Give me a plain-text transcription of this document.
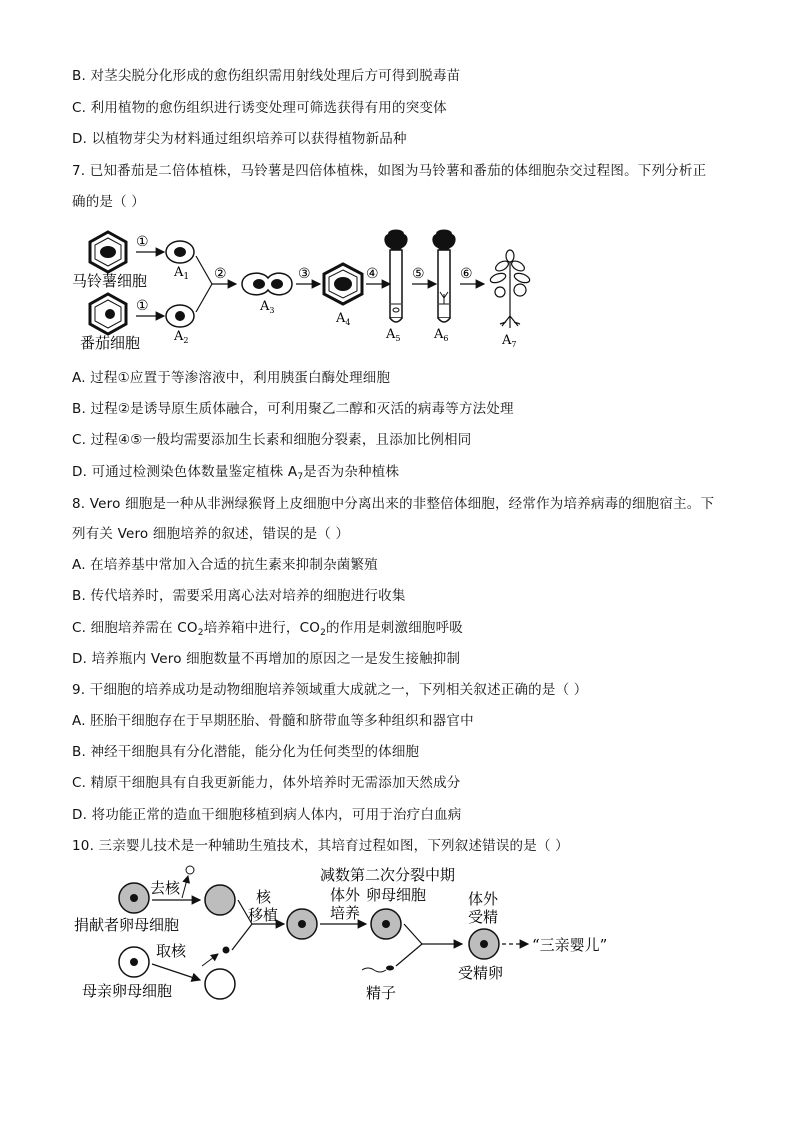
B. 对茎尖脱分化形成的愈伤组织需用射线处理后方可得到脱毒苗
C. 利用植物的愈伤组织进行诱变处理可筛选获得有用的突变体
D. 以植物芽尖为材料通过组织培养可以获得植物新品种
7. 已知番茄是二倍体植株，马铃薯是四倍体植株，如图为马铃薯和番茄的体细胞杂交过程图。下列分析正
确的是（ ）
马铃薯细胞
①
$A_1$
番茄细胞
①
$A_2$
②
$A_3$
③
$A_4$
④
$A_5$
⑤
$A_6$
⑥
$A_7$
A. 过程①应置于等渗溶液中，利用胰蛋白酶处理细胞
B. 过程②是诱导原生质体融合，可利用聚乙二醇和灭活的病毒等方法处理
C. 过程④⑤一般均需要添加生长素和细胞分裂素，且添加比例相同
D. 可通过检测染色体数量鉴定植株 $A_7$是否为杂种植株
8. Vero 细胞是一种从非洲绿猴肾上皮细胞中分离出来的非整倍体细胞，经常作为培养病毒的细胞宿主。下
列有关 Vero 细胞培养的叙述，错误的是（ ）
A. 在培养基中常加入合适的抗生素来抑制杂菌繁殖
B. 传代培养时，需要采用离心法对培养的细胞进行收集
C. 细胞培养需在 $CO_2$培养箱中进行，$CO_2$的作用是刺激细胞呼吸
D. 培养瓶内 Vero 细胞数量不再增加的原因之一是发生接触抑制
9. 干细胞的培养成功是动物细胞培养领域重大成就之一，下列相关叙述正确的是（ ）
A. 胚胎干细胞存在于早期胚胎、骨髓和脐带血等多种组织和器官中
B. 神经干细胞具有分化潜能，能分化为任何类型的体细胞
C. 精原干细胞具有自我更新能力，体外培养时无需添加天然成分
D. 将功能正常的造血干细胞移植到病人体内，可用于治疗白血病
10. 三亲婴儿技术是一种辅助生殖技术，其培育过程如图，下列叙述错误的是（ ）
捐献者卵母细胞
去核
母亲卵母细胞
取核
核
移植
减数第二次分裂中期
体外
培养
卵母细胞
精子
体外
受精
受精卵
“三亲婴儿”
